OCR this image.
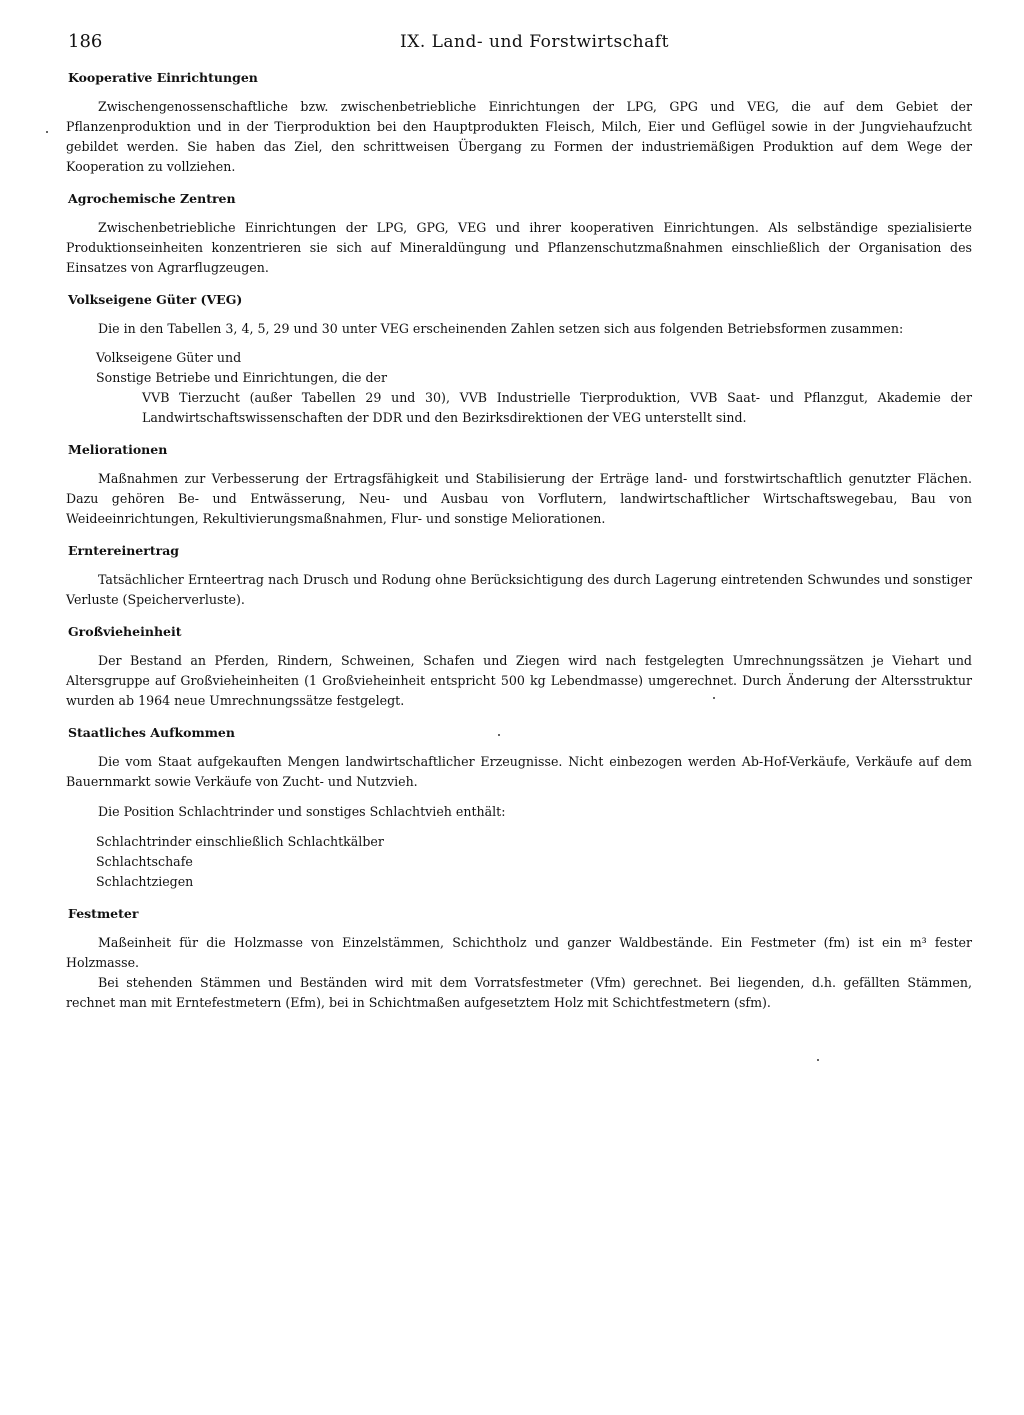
186	IX. Land- und Forstwirtschaft
Kooperative Einrichtungen

Zwischengenossenschaftliche bzw. zwischenbetriebliche Einrichtungen der LPG, GPG und VEG, die auf dem Gebiet der Pflanzenproduktion und in der Tierproduktion bei den Hauptprodukten Fleisch, Milch, Eier und Geflügel sowie in der Jungviehaufzucht gebildet werden. Sie haben das Ziel, den schrittweisen Übergang zu Formen der industriemäßigen Produktion auf dem Wege der Kooperation zu vollziehen.

Agrochemische Zentren

Zwischenbetriebliche Einrichtungen der LPG, GPG, VEG und ihrer kooperativen Einrichtungen. Als selbständige spezialisierte Produktionseinheiten konzentrieren sie sich auf Mineraldüngung und Pflanzenschutzmaßnahmen einschließlich der Organisation des Einsatzes von Agrarflugzeugen.

Volkseigene Güter (VEG)

Die in den Tabellen 3, 4, 5, 29 und 30 unter VEG erscheinenden Zahlen setzen sich aus folgenden Betriebsformen zusammen:

Volkseigene Güter und

Sonstige Betriebe und Einrichtungen, die der

VVB Tierzucht (außer Tabellen 29 und 30), VVB Industrielle Tierproduktion, VVB Saat- und Pflanzgut, Akademie der Landwirtschaftswissenschaften der DDR und den Bezirksdirektionen der VEG unterstellt sind.

Meliorationen

Maßnahmen zur Verbesserung der Ertragsfähigkeit und Stabilisierung der Erträge land- und forstwirtschaftlich genutzter Flächen. Dazu gehören Be- und Entwässerung, Neu- und Ausbau von Vorflutern, landwirtschaftlicher Wirtschaftswegebau, Bau von Weideeinrichtungen, Rekultivierungsmaßnahmen, Flur- und sonstige Meliorationen.

Erntereinertrag

Tatsächlicher Ernteertrag nach Drusch und Rodung ohne Berücksichtigung des durch Lagerung eintretenden Schwundes und sonstiger Verluste (Speicherverluste).

Großvieheinheit

Der Bestand an Pferden, Rindern, Schweinen, Schafen und Ziegen wird nach festgelegten Umrechnungssätzen je Viehart und Altersgruppe auf Großvieheinheiten (1 Großvieheinheit entspricht 500 kg Lebendmasse) umgerechnet. Durch Änderung der Altersstruktur wurden ab 1964 neue Umrechnungssätze festgelegt.

Staatliches Aufkommen

Die vom Staat aufgekauften Mengen landwirtschaftlicher Erzeugnisse. Nicht einbezogen werden Ab-Hof-Verkäufe, Verkäufe auf dem Bauernmarkt sowie Verkäufe von Zucht- und Nutzvieh.

Die Position Schlachtrinder und sonstiges Schlachtvieh enthält:

Schlachtrinder einschließlich Schlachtkälber

Schlachtschafe

Schlachtziegen

Festmeter

Maßeinheit für die Holzmasse von Einzelstämmen, Schichtholz und ganzer Waldbestände. Ein Festmeter (fm) ist ein m³ fester Holzmasse.

Bei stehenden Stämmen und Beständen wird mit dem Vorratsfestmeter (Vfm) gerechnet. Bei liegenden, d.h. gefällten Stämmen, rechnet man mit Erntefestmetern (Efm), bei in Schichtmaßen aufgesetztem Holz mit Schichtfestmetern (sfm).
